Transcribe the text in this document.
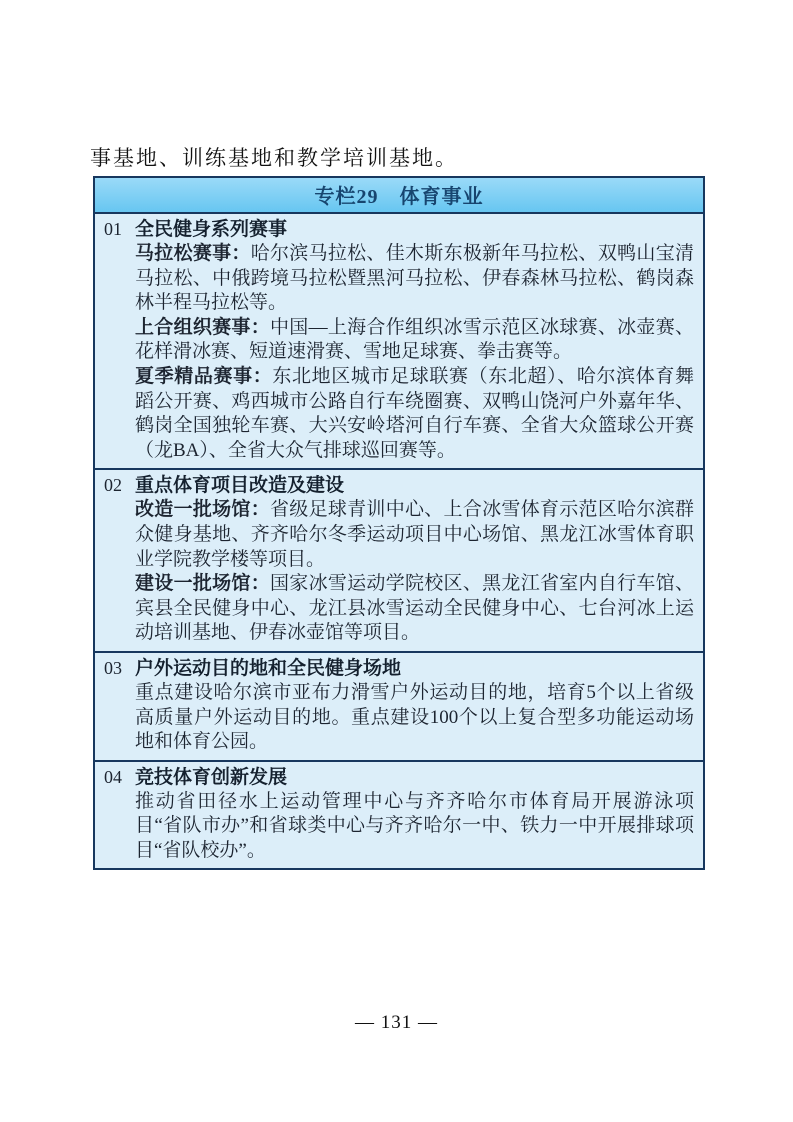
事基地、训练基地和教学培训基地。
专栏29　体育事业
01 全民健身系列赛事

马拉松赛事：哈尔滨马拉松、佳木斯东极新年马拉松、双鸭山宝清马拉松、中俄跨境马拉松暨黑河马拉松、伊春森林马拉松、鹤岗森林半程马拉松等。

上合组织赛事：中国—上海合作组织冰雪示范区冰球赛、冰壶赛、花样滑冰赛、短道速滑赛、雪地足球赛、拳击赛等。

夏季精品赛事：东北地区城市足球联赛（东北超）、哈尔滨体育舞蹈公开赛、鸡西城市公路自行车绕圈赛、双鸭山饶河户外嘉年华、鹤岗全国独轮车赛、大兴安岭塔河自行车赛、全省大众篮球公开赛（龙BA）、全省大众气排球巡回赛等。

02 重点体育项目改造及建设

改造一批场馆：省级足球青训中心、上合冰雪体育示范区哈尔滨群众健身基地、齐齐哈尔冬季运动项目中心场馆、黑龙江冰雪体育职业学院教学楼等项目。

建设一批场馆：国家冰雪运动学院校区、黑龙江省室内自行车馆、宾县全民健身中心、龙江县冰雪运动全民健身中心、七台河冰上运动培训基地、伊春冰壶馆等项目。

03 户外运动目的地和全民健身场地

重点建设哈尔滨市亚布力滑雪户外运动目的地，培育5个以上省级高质量户外运动目的地。重点建设100个以上复合型多功能运动场地和体育公园。

04 竞技体育创新发展

推动省田径水上运动管理中心与齐齐哈尔市体育局开展游泳项目“省队市办”和省球类中心与齐齐哈尔一中、铁力一中开展排球项目“省队校办”。

— 131 —
